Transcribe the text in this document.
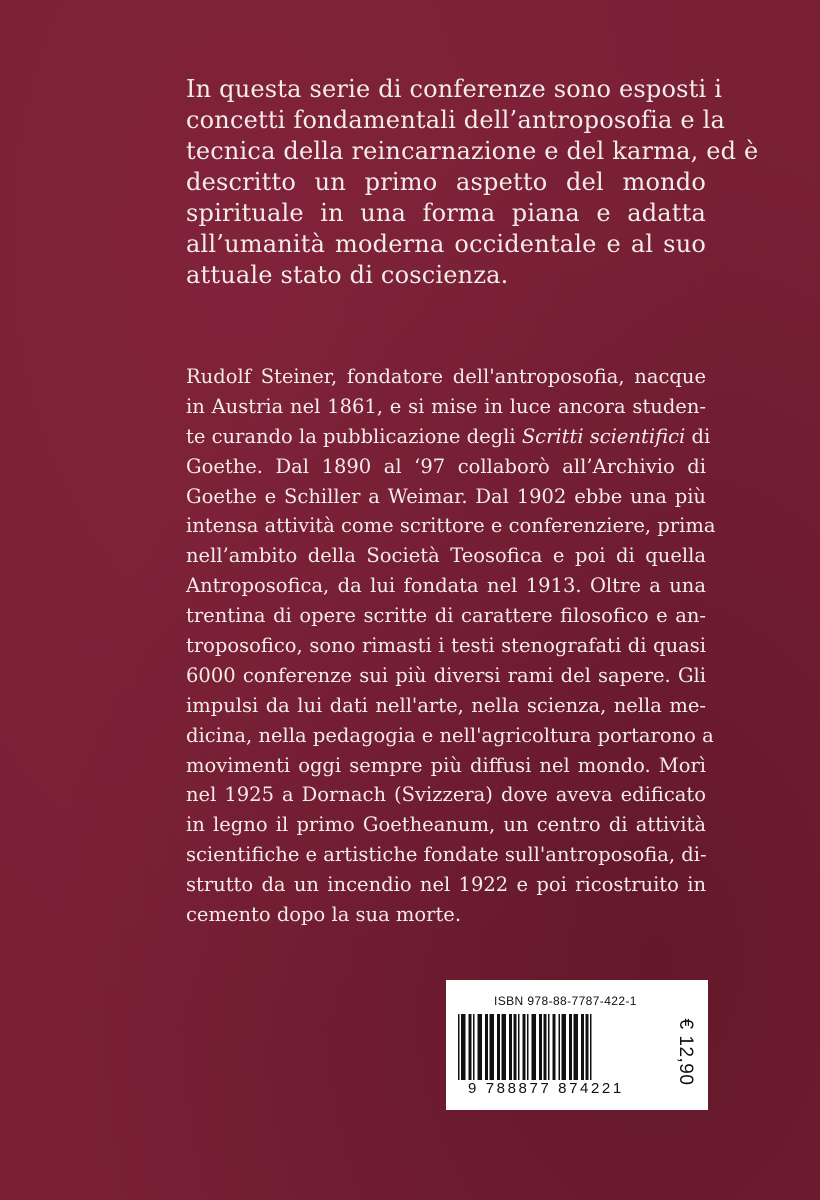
In questa serie di conferenze sono esposti i
concetti fondamentali dell’antroposofia e la
tecnica della reincarnazione e del karma, ed è
descritto un primo aspetto del mondo
spirituale in una forma piana e adatta
all’umanità moderna occidentale e al suo
attuale stato di coscienza.
Rudolf Steiner, fondatore dell'antroposofia, nacque
in Austria nel 1861, e si mise in luce ancora studen-
te curando la pubblicazione degli Scritti scientifici di
Goethe. Dal 1890 al ‘97 collaborò all’Archivio di
Goethe e Schiller a Weimar. Dal 1902 ebbe una più
intensa attività come scrittore e conferenziere, prima
nell’ambito della Società Teosofica e poi di quella
Antroposofica, da lui fondata nel 1913. Oltre a una
trentina di opere scritte di carattere filosofico e an-
troposofico, sono rimasti i testi stenografati di quasi
6000 conferenze sui più diversi rami del sapere. Gli
impulsi da lui dati nell'arte, nella scienza, nella me-
dicina, nella pedagogia e nell'agricoltura portarono a
movimenti oggi sempre più diffusi nel mondo. Morì
nel 1925 a Dornach (Svizzera) dove aveva edificato
in legno il primo Goetheanum, un centro di attività
scientifiche e artistiche fondate sull'antroposofia, di-
strutto da un incendio nel 1922 e poi ricostruito in
cemento dopo la sua morte.
ISBN 978-88-7787-422-1
9 788877 874221
€ 12,90
